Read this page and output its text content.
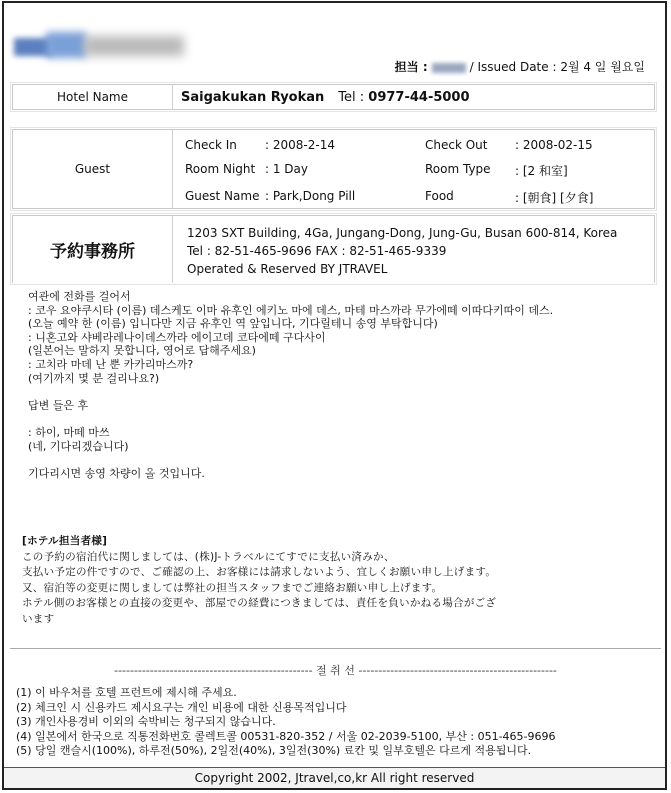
担当 :	/ Issued Date : 2월 4 일 월요일
Hotel Name	Saigakukan Ryokan Tel : 0977-44-5000
Guest
Check In	: 2008-2-14	Check Out	: 2008-02-15
Room Night : 1 Day	Room Type	: [2 和室]
Guest Name : Park,Dong Pill	Food	: [朝食] [夕食]
予約事務所
1203 SXT Building, 4Ga, Jungang-Dong, Jung-Gu, Busan 600-814, Korea
Tel : 82-51-465-9696 FAX : 82-51-465-9339
Operated & Reserved BY JTRAVEL
여관에 전화를 걸어서
: 코우 요야쿠시타 (이름) 데스케도 이마 유후인 에키노 마에 데스, 마테 마스까라 무가에떼 이따다키따이 데스.
(오늘 예약 한 (이름) 입니다만 지금 유후인 역 앞입니다, 기다릴테니 송영 부탁합니다)
: 니혼고와 샤베라레나이데스까라 에이고데 코타에떼 구다사이
(일본어는 말하지 못합니다, 영어로 답해주세요)
: 고치라 마데 난 뿐 카카리마스까?
(여기까지 몇 분 걸리나요?)

답변 들은 후

: 하이, 마떼 마쓰
(네, 기다리겠습니다)

기다리시면 송영 차량이 올 것입니다.
[ホテル担当者様]
この予約の宿泊代に関しましては、(株)J-トラベルにてすでに支払い済みか、
支払い予定の件ですので、ご確認の上、お客様には請求しないよう、宜しくお願い申し上げます。
又、宿泊等の変更に関しましては弊社の担当スタッフまでご連絡お願い申し上げます。
ホテル側のお客様との直接の変更や、部屋での経費につきましては、責任を負いかねる場合がござ
います
-------------------------------------------------- 절 취 선 --------------------------------------------------
(1) 이 바우처를 호텔 프런트에 제시해 주세요.
(2) 체크인 시 신용카드 제시요구는 개인 비용에 대한 신용목적입니다
(3) 개인사용경비 이외의 숙박비는 청구되지 않습니다.
(4) 일본에서 한국으로 직통전화번호 콜렉트콜 00531-820-352 / 서울 02-2039-5100, 부산 : 051-465-9696
(5) 당일 캔슬시(100%), 하루전(50%), 2일전(40%), 3일전(30%) 료칸 및 일부호텔은 다르게 적용됩니다.
Copyright 2002, Jtravel,co,kr All right reserved
